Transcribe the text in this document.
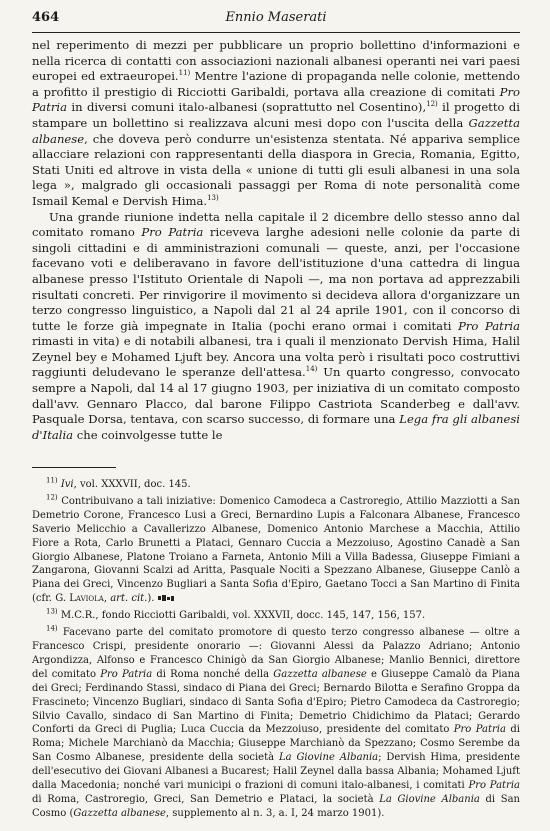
464	Ennio Maserati

nel reperimento di mezzi per pubblicare un proprio bollettino d'informazioni e nella ricerca di contatti con associazioni nazionali albanesi operanti nei vari paesi europei ed extraeuropei.$^{11)}$ Mentre l'azione di propaganda nelle colonie, mettendo a profitto il prestigio di Ricciotti Garibaldi, portava alla creazione di comitati Pro Patria in diversi comuni italo-albanesi (soprattutto nel Cosentino),$^{12)}$ il progetto di stampare un bollettino si realizzava alcuni mesi dopo con l'uscita della Gazzetta albanese, che doveva però condurre un'esistenza stentata. Né appariva semplice allacciare relazioni con rappresentanti della diaspora in Grecia, Romania, Egitto, Stati Uniti ed altrove in vista della « unione di tutti gli esuli albanesi in una sola lega », malgrado gli occasionali passaggi per Roma di note personalità come Ismail Kemal e Dervish Hima.$^{13)}$

Una grande riunione indetta nella capitale il 2 dicembre dello stesso anno dal comitato romano Pro Patria riceveva larghe adesioni nelle colonie da parte di singoli cittadini e di amministrazioni comunali — queste, anzi, per l'occasione facevano voti e deliberavano in favore dell'istituzione d'una cattedra di lingua albanese presso l'Istituto Orientale di Napoli —, ma non portava ad apprezzabili risultati concreti. Per rinvigorire il movimento si decideva allora d'organizzare un terzo congresso linguistico, a Napoli dal 21 al 24 aprile 1901, con il concorso di tutte le forze già impegnate in Italia (pochi erano ormai i comitati Pro Patria rimasti in vita) e di notabili albanesi, tra i quali il menzionato Dervish Hima, Halil Zeynel bey e Mohamed Ljuft bey. Ancora una volta però i risultati poco costruttivi raggiunti deludevano le speranze dell'attesa.$^{14)}$ Un quarto congresso, convocato sempre a Napoli, dal 14 al 17 giugno 1903, per iniziativa di un comitato composto dall'avv. Gennaro Placco, dal barone Filippo Castriota Scanderbeg e dall'avv. Pasquale Dorsa, tentava, con scarso successo, di formare una Lega fra gli albanesi d'Italia che coinvolgesse tutte le

$^{11)}$ Ivi, vol. XXXVII, doc. 145.

$^{12)}$ Contribuivano a tali iniziative: Domenico Camodeca a Castroregio, Attilio Mazziotti a San Demetrio Corone, Francesco Lusi a Greci, Bernardino Lupis a Falconara Albanese, Francesco Saverio Melicchio a Cavallerizzo Albanese, Domenico Antonio Marchese a Macchia, Attilio Fiore a Rota, Carlo Brunetti a Plataci, Gennaro Cuccia a Mezzoiuso, Agostino Canadè a San Giorgio Albanese, Platone Troiano a Farneta, Antonio Mili a Villa Badessa, Giuseppe Fimiani a Zangarona, Giovanni Scalzi ad Aritta, Pasquale Nociti a Spezzano Albanese, Giuseppe Canlò a Piana dei Greci, Vincenzo Bugliari a Santa Sofia d'Epiro, Gaetano Tocci a San Martino di Finita (cfr. G. Laviola, art. cit.).

$^{13)}$ M.C.R., fondo Ricciotti Garibaldi, vol. XXXVII, docc. 145, 147, 156, 157.

$^{14)}$ Facevano parte del comitato promotore di questo terzo congresso albanese — oltre a Francesco Crispi, presidente onorario —: Giovanni Alessi da Palazzo Adriano; Antonio Argondizza, Alfonso e Francesco Chinigò da San Giorgio Albanese; Manlio Bennici, direttore del comitato Pro Patria di Roma nonché della Gazzetta albanese e Giuseppe Camalò da Piana dei Greci; Ferdinando Stassi, sindaco di Piana dei Greci; Bernardo Bilotta e Serafino Groppa da Frascineto; Vincenzo Bugliari, sindaco di Santa Sofia d'Epiro; Pietro Camodeca da Castroregio; Silvio Cavallo, sindaco di San Martino di Finita; Demetrio Chidichimo da Plataci; Gerardo Conforti da Greci di Puglia; Luca Cuccia da Mezzoiuso, presidente del comitato Pro Patria di Roma; Michele Marchianò da Macchia; Giuseppe Marchianò da Spezzano; Cosmo Serembe da San Cosmo Albanese, presidente della società La Giovine Albania; Dervish Hima, presidente dell'esecutivo dei Giovani Albanesi a Bucarest; Halil Zeynel dalla bassa Albania; Mohamed Ljuft dalla Macedonia; nonché vari municipi o frazioni di comuni italo-albanesi, i comitati Pro Patria di Roma, Castroregio, Greci, San Demetrio e Plataci, la società La Giovine Albania di San Cosmo (Gazzetta albanese, supplemento al n. 3, a. I, 24 marzo 1901).
